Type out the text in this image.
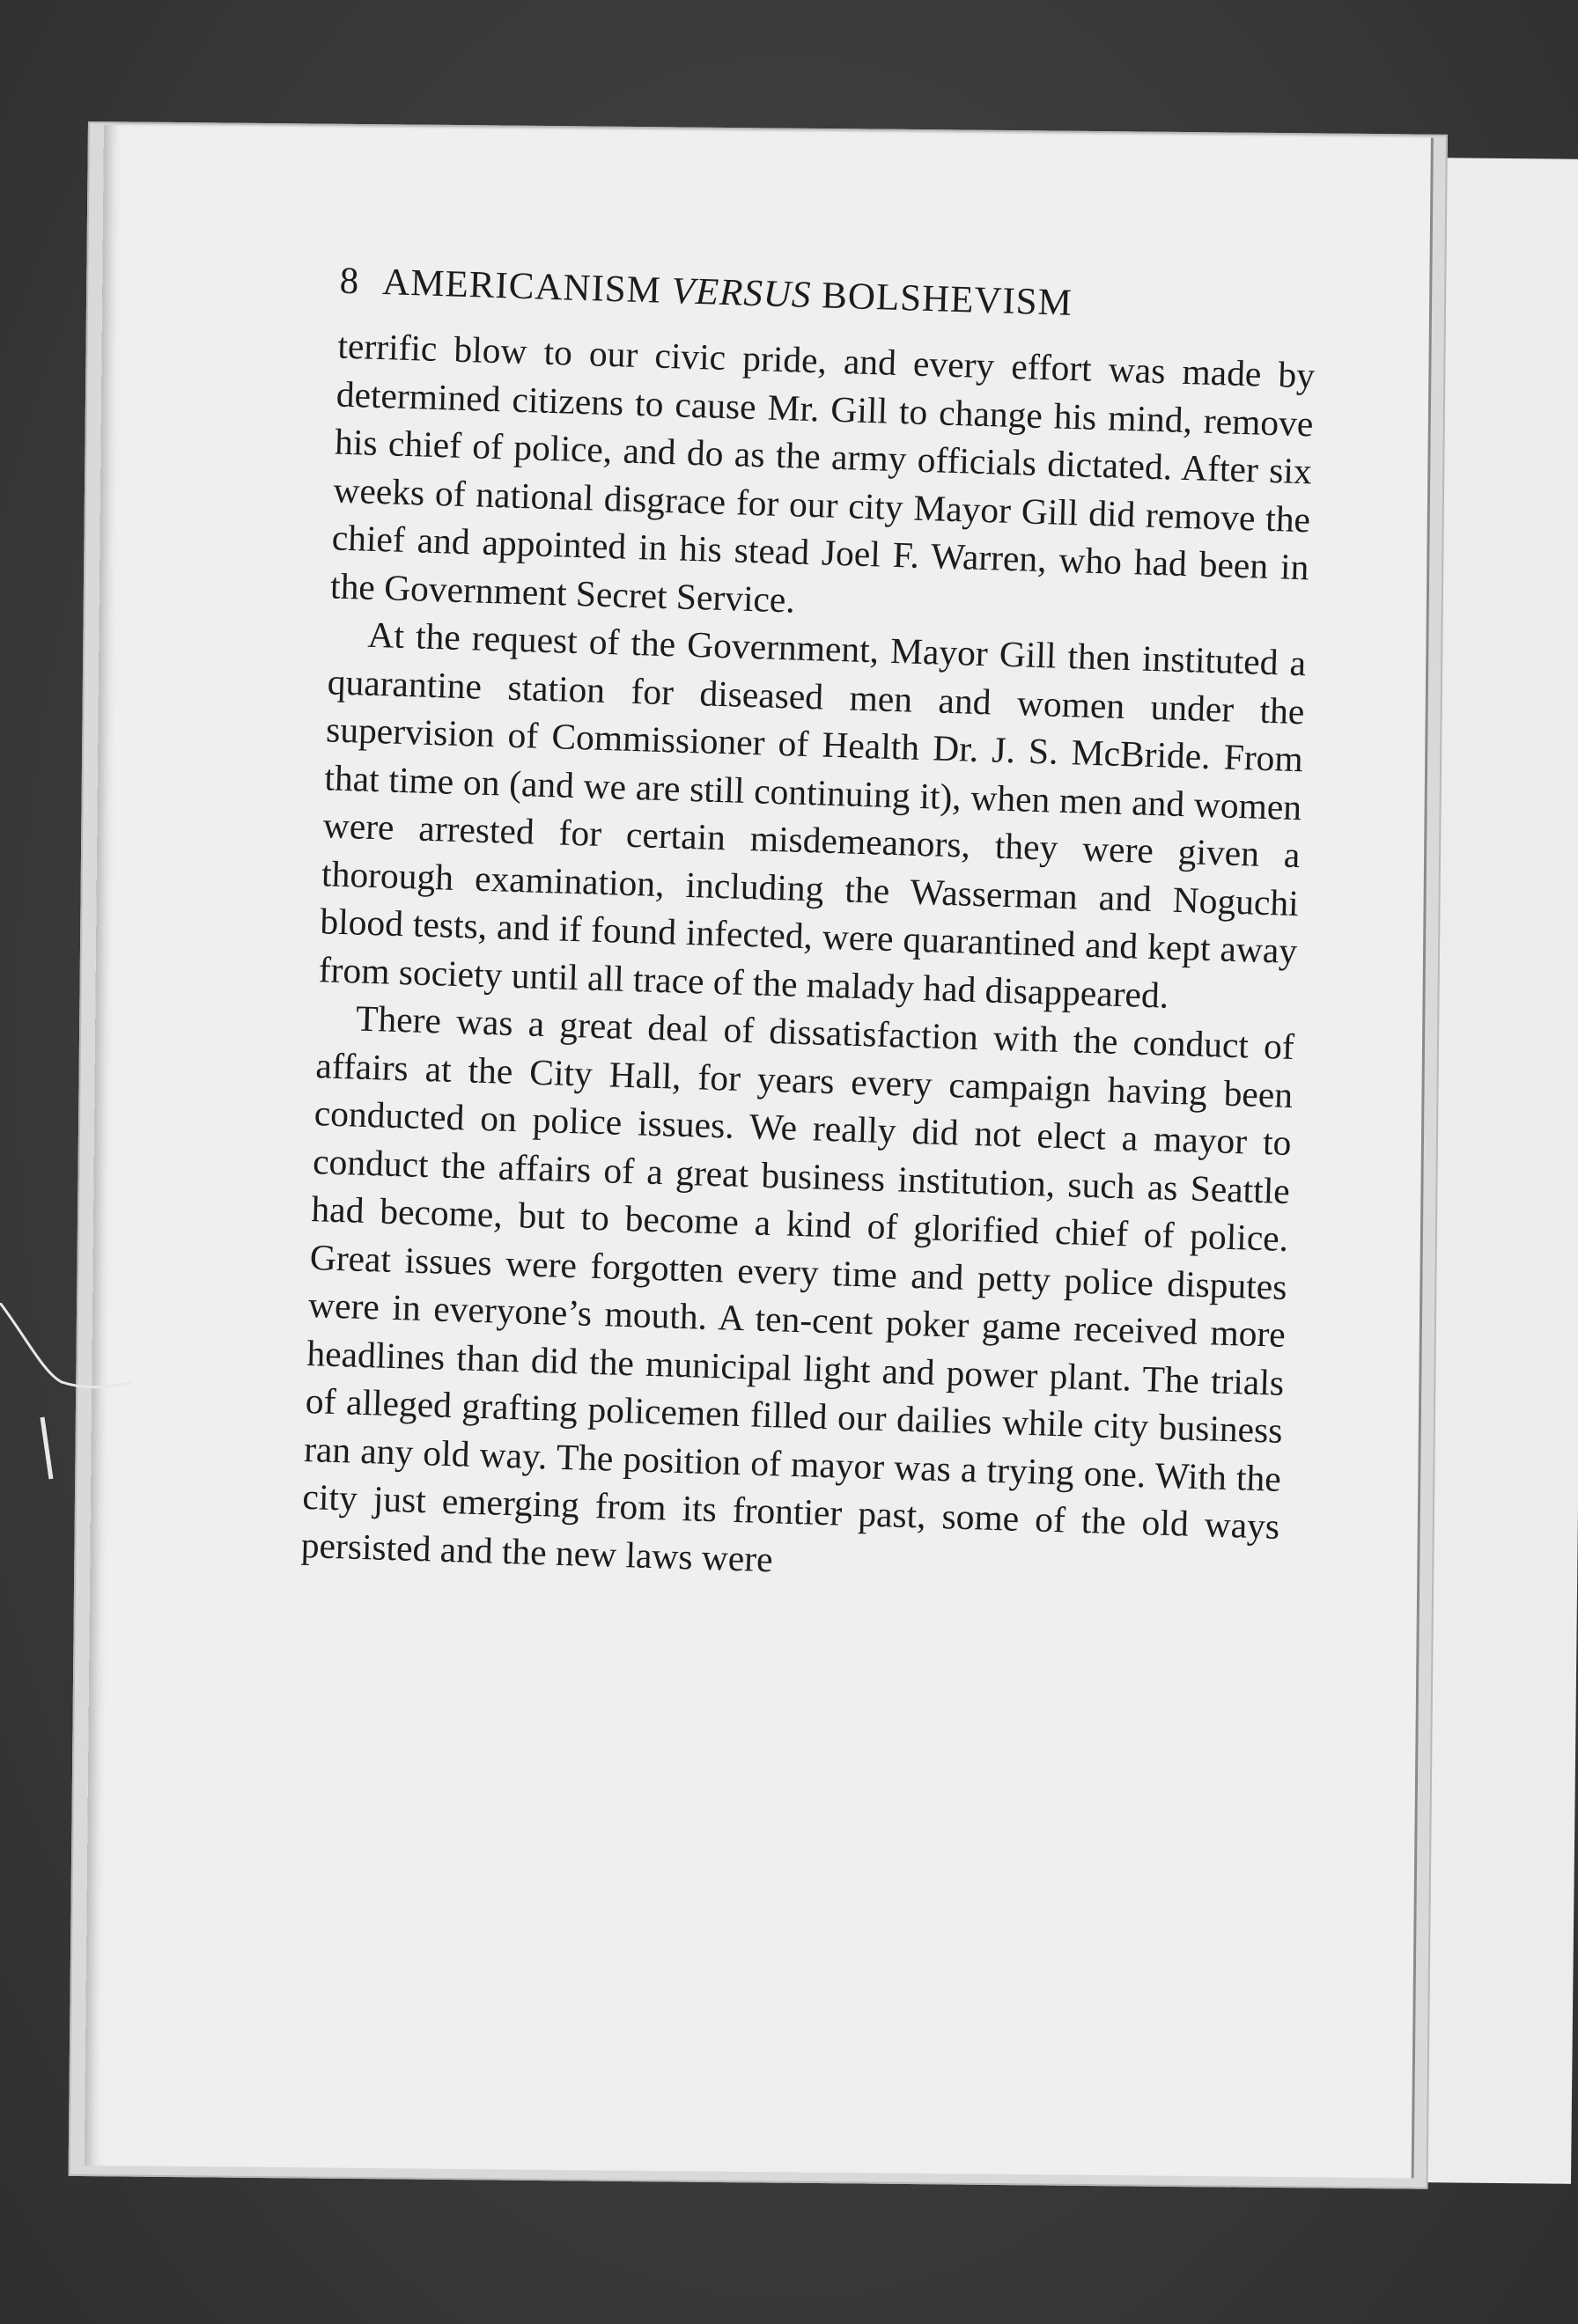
8 AMERICANISM VERSUS BOLSHEVISM

terrific blow to our civic pride, and every effort was made by determined citizens to cause Mr. Gill to change his mind, remove his chief of police, and do as the army officials dictated. After six weeks of national disgrace for our city Mayor Gill did remove the chief and appointed in his stead Joel F. Warren, who had been in the Government Secret Service.

At the request of the Government, Mayor Gill then instituted a quarantine station for diseased men and women under the supervision of Commissioner of Health Dr. J. S. McBride. From that time on (and we are still continuing it), when men and women were arrested for certain misdemeanors, they were given a thorough examination, including the Wasserman and Noguchi blood tests, and if found infected, were quarantined and kept away from society until all trace of the malady had disappeared.

There was a great deal of dissatisfaction with the conduct of affairs at the City Hall, for years every campaign having been conducted on police issues. We really did not elect a mayor to conduct the affairs of a great business institution, such as Seattle had become, but to become a kind of glorified chief of police. Great issues were forgotten every time and petty police disputes were in everyone’s mouth. A ten-cent poker game received more headlines than did the municipal light and power plant. The trials of alleged grafting policemen filled our dailies while city business ran any old way. The position of mayor was a trying one. With the city just emerging from its frontier past, some of the old ways persisted and the new laws were
